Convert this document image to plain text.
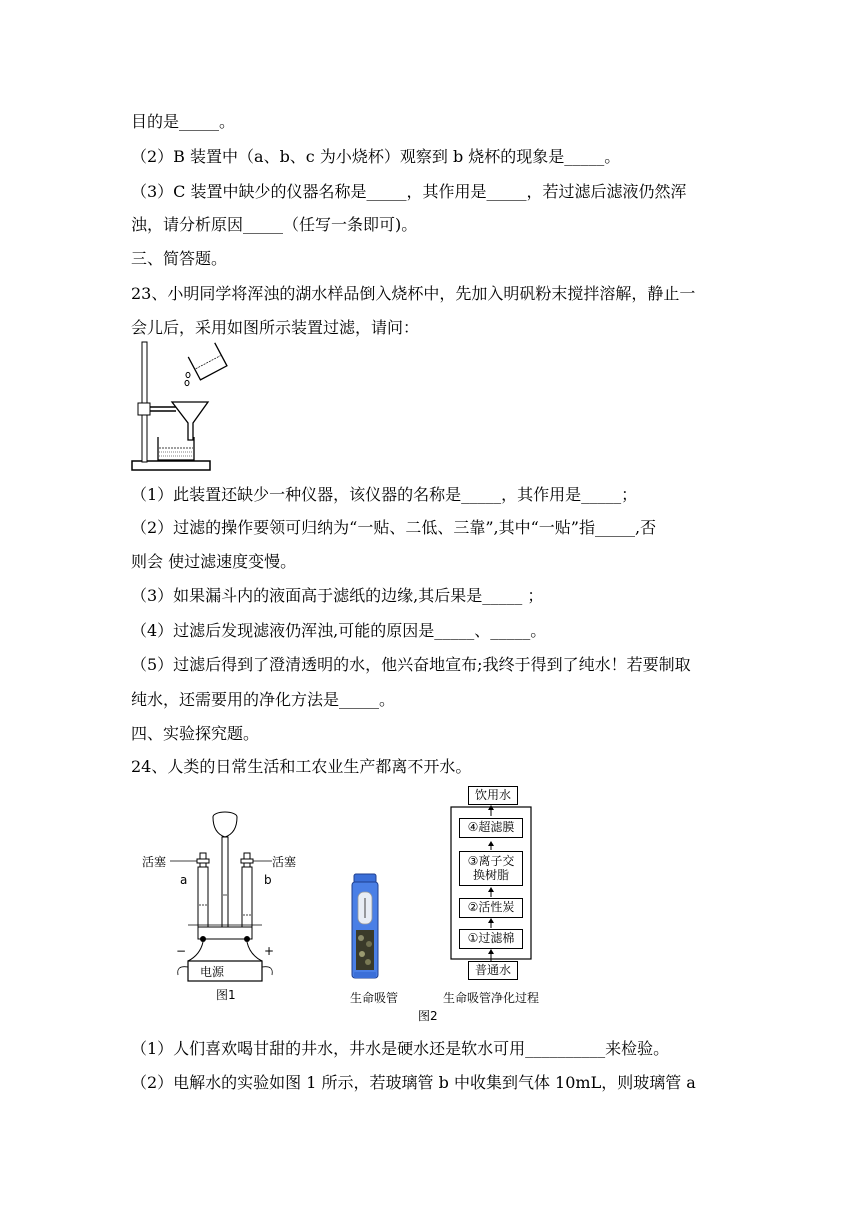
目的是_____。
（2）B 装置中（a、b、c 为小烧杯）观察到 b 烧杯的现象是_____。
（3）C 装置中缺少的仪器名称是_____，其作用是_____，若过滤后滤液仍然浑
浊，请分析原因_____（任写一条即可)。
三、简答题。
23、小明同学将浑浊的湖水样品倒入烧杯中，先加入明矾粉末搅拌溶解，静止一
会儿后，采用如图所示装置过滤，请问：
（1）此装置还缺少一种仪器，该仪器的名称是_____，其作用是_____；
（2）过滤的操作要领可归纳为“一贴、二低、三靠”,其中“一贴”指_____,否
则会 使过滤速度变慢。
（3）如果漏斗内的液面高于滤纸的边缘,其后果是_____ ；
（4）过滤后发现滤液仍浑浊,可能的原因是_____、_____。
（5）过滤后得到了澄清透明的水，他兴奋地宣布;我终于得到了纯水！若要制取
纯水，还需要用的净化方法是_____。
四、实验探究题。
24、人类的日常生活和工农业生产都离不开水。
活塞	活塞
a	b
−	+
电源
图1
饮用水
④超滤膜
③离子交
换树脂
②活性炭
①过滤棉
普通水
生命吸管	生命吸管净化过程
图2
（1）人们喜欢喝甘甜的井水，井水是硬水还是软水可用__________来检验。
（2）电解水的实验如图 1 所示，若玻璃管 b 中收集到气体 10mL，则玻璃管 a
